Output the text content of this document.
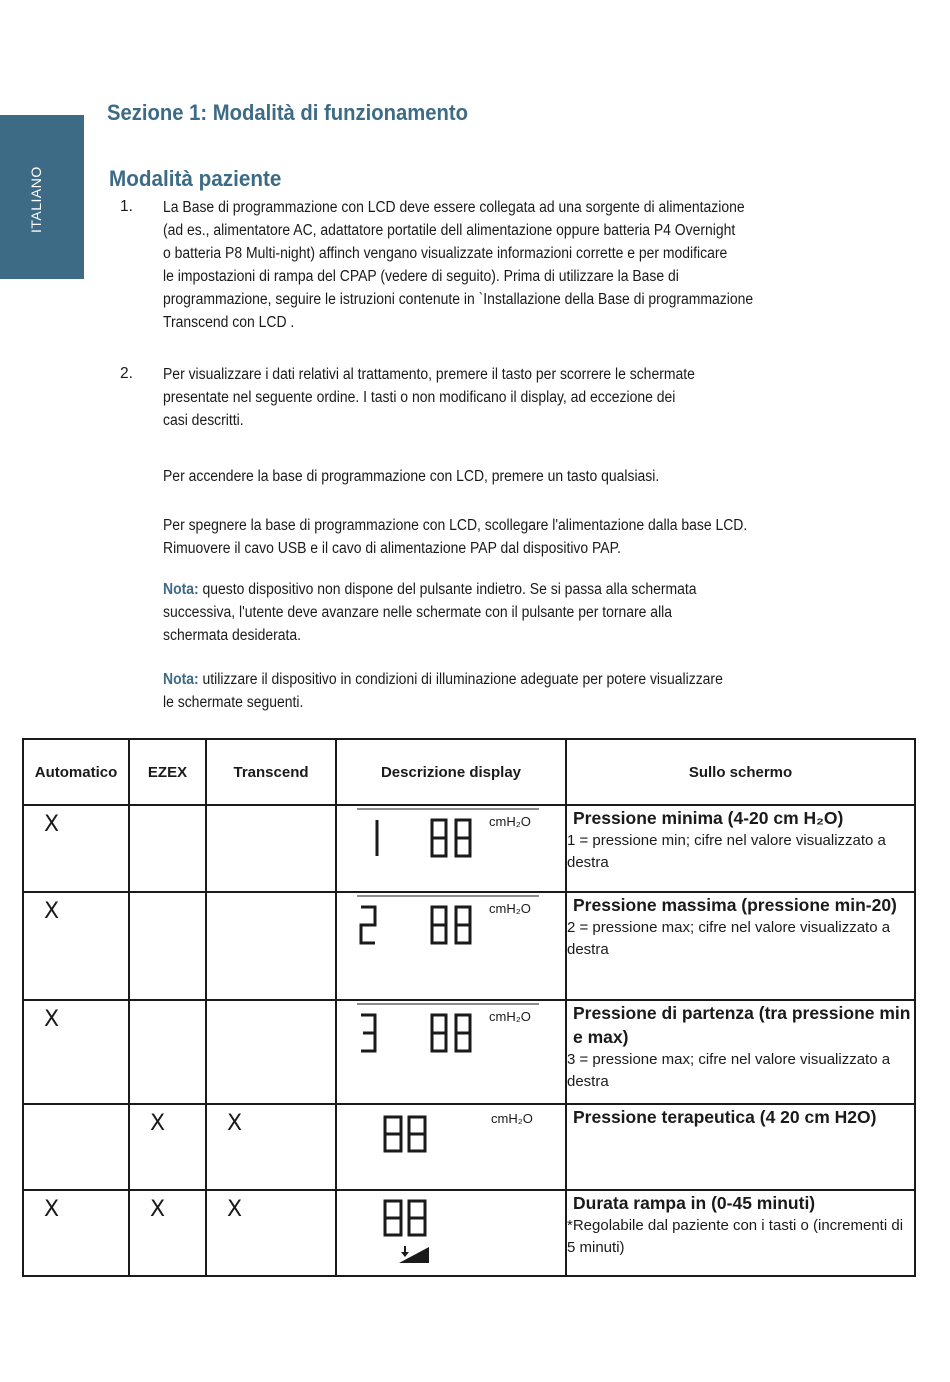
ITALIANO
Sezione 1: Modalità di funzionamento
Modalità paziente
1. La Base di programmazione con LCD deve essere collegata ad una sorgente di alimentazione
(ad es., alimentatore AC, adattatore portatile dell alimentazione oppure batteria P4 Overnight
o batteria P8 Multi-night) affinch vengano visualizzate informazioni corrette e per modificare
le impostazioni di rampa del CPAP (vedere di seguito). Prima di utilizzare la Base di
programmazione, seguire le istruzioni contenute in `Installazione della Base di programmazione
Transcend con LCD .
2. Per visualizzare i dati relativi al trattamento, premere il tasto per scorrere le schermate
presentate nel seguente ordine. I tasti o non modificano il display, ad eccezione dei
casi descritti.
Per accendere la base di programmazione con LCD, premere un tasto qualsiasi.
Per spegnere la base di programmazione con LCD, scollegare l'alimentazione dalla base LCD.
Rimuovere il cavo USB e il cavo di alimentazione PAP dal dispositivo PAP.
Nota: questo dispositivo non dispone del pulsante indietro. Se si passa alla schermata
successiva, l'utente deve avanzare nelle schermate con il pulsante per tornare alla
schermata desiderata.
Nota: utilizzare il dispositivo in condizioni di illuminazione adeguate per potere visualizzare
le schermate seguenti.
Automatico	EZEX	Transcend	Descrizione display	Sullo schermo

X			cmH₂O	Pressione minima (4-20 cm H₂O)
1 = pressione min; cifre nel valore visualizzato a destra

X			cmH₂O	Pressione massima (pressione min-20)
2 = pressione max; cifre nel valore visualizzato a destra

X			cmH₂O	Pressione di partenza (tra pressione min e max)
3 = pressione max; cifre nel valore visualizzato a destra

	X	X	cmH₂O	Pressione terapeutica (4 20 cm H2O)

X	X	X		Durata rampa in (0-45 minuti)
*Regolabile dal paziente con i tasti o (incrementi di 5 minuti)
